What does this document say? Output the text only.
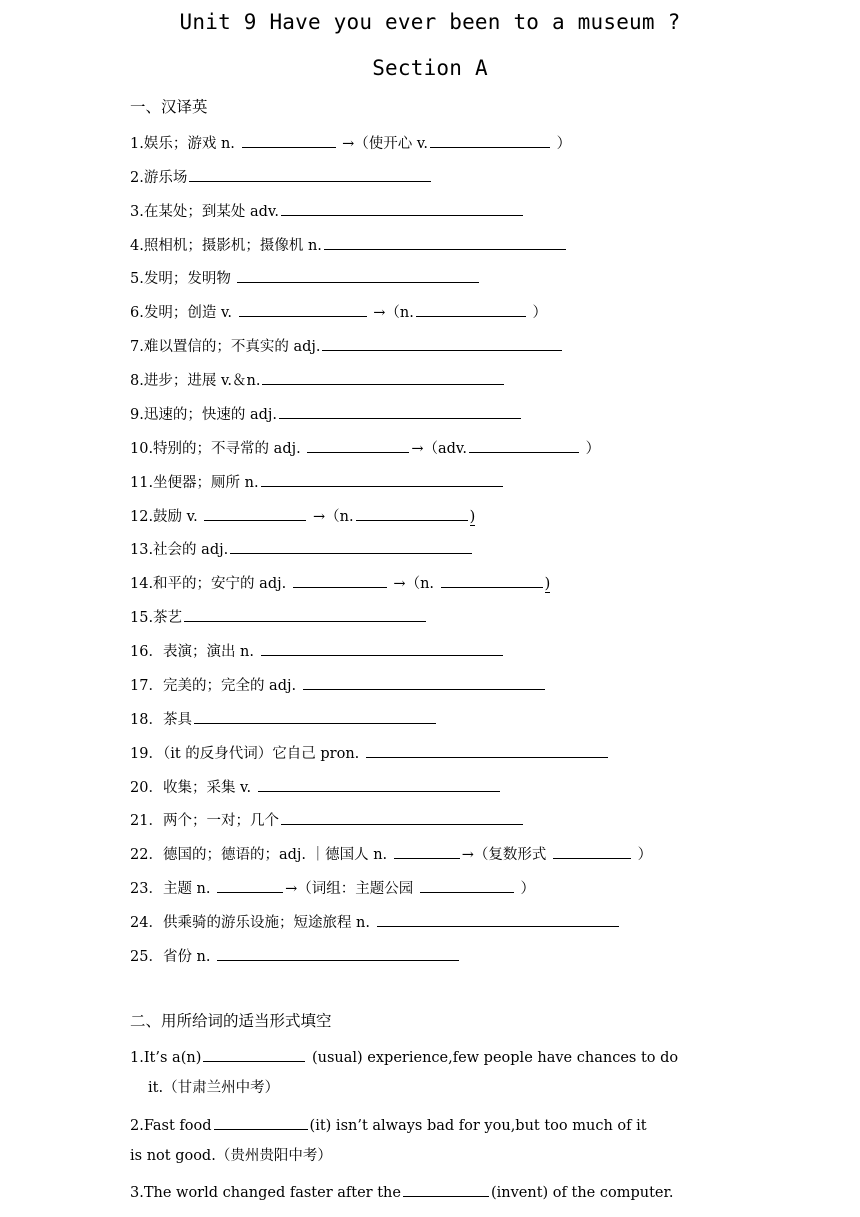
Unit 9 Have you ever been to a museum ?
Section A
一、汉译英
1.娱乐；游戏 n.	→（使开心 v.	）
2.游乐场
3.在某处；到某处 adv.
4.照相机；摄影机；摄像机 n.
5.发明；发明物
6.发明；创造 v.	→（n.	）
7.难以置信的；不真实的 adj.
8.进步；进展 v.＆n.
9.迅速的；快速的 adj.
10.特别的；不寻常的 adj.	→（adv.	）
11.坐便器；厕所 n.
12.鼓励 v.	→（n.	)
13.社会的 adj.
14.和平的；安宁的 adj.	→（n.	)
15.茶艺
16．表演；演出 n.
17．完美的；完全的 adj.
18．茶具
19．（it 的反身代词）它自己 pron.
20．收集；采集 v.
21．两个；一对；几个
22．德国的；德语的；adj. ｜德国人 n.	→（复数形式	）
23．主题 n.	→（词组：主题公园	）
24．供乘骑的游乐设施；短途旅程 n.
25．省份 n.
二、用所给词的适当形式填空
1.It’s a(n)	(usual) experience,few people have chances to do
it.（甘肃兰州中考）
2.Fast food	(it) isn’t always bad for you,but too much of it
is not good.（贵州贵阳中考）
3.The world changed faster after the	(invent) of the computer.
